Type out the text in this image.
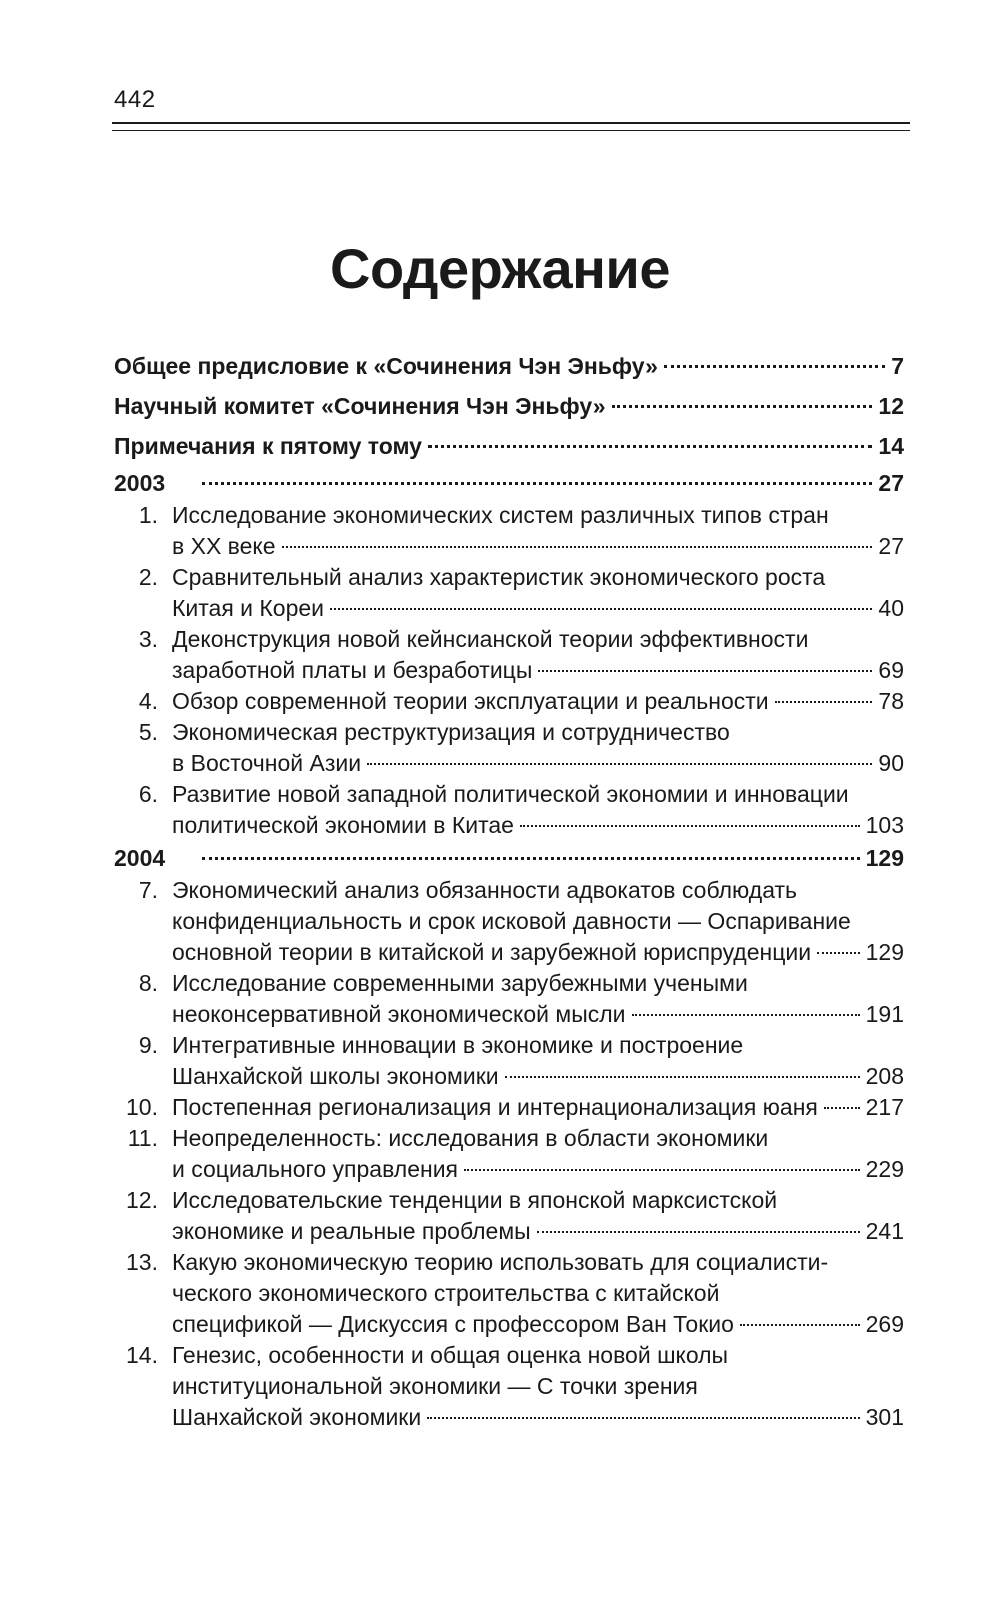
442
Содержание
Общее предисловие к «Сочинения Чэн Эньфу»	7
Научный комитет «Сочинения Чэн Эньфу»	12
Примечания к пятому тому	14
2003	27
1. Исследование экономических систем различных типов стран
в XX веке	27
2. Сравнительный анализ характеристик экономического роста
Китая и Кореи	40
3. Деконструкция новой кейнсианской теории эффективности
заработной платы и безработицы	69
4. Обзор современной теории эксплуатации и реальности	78
5. Экономическая реструктуризация и сотрудничество
в Восточной Азии	90
6. Развитие новой западной политической экономии и инновации
политической экономии в Китае	103
2004	129
7. Экономический анализ обязанности адвокатов соблюдать
конфиденциальность и срок исковой давности — Оспаривание
основной теории в китайской и зарубежной юриспруденции 129
8. Исследование современными зарубежными учеными
неоконсервативной экономической мысли	191
9. Интегративные инновации в экономике и построение
Шанхайской школы экономики	208
10. Постепенная регионализация и интернационализация юаня 217
11. Неопределенность: исследования в области экономики
и социального управления	229
12. Исследовательские тенденции в японской марксистской
экономике и реальные проблемы	241
13. Какую экономическую теорию использовать для социалисти-
ческого экономического строительства с китайской
спецификой — Дискуссия с профессором Ван Токио	269
14. Генезис, особенности и общая оценка новой школы
институциональной экономики — С точки зрения
Шанхайской экономики	301
